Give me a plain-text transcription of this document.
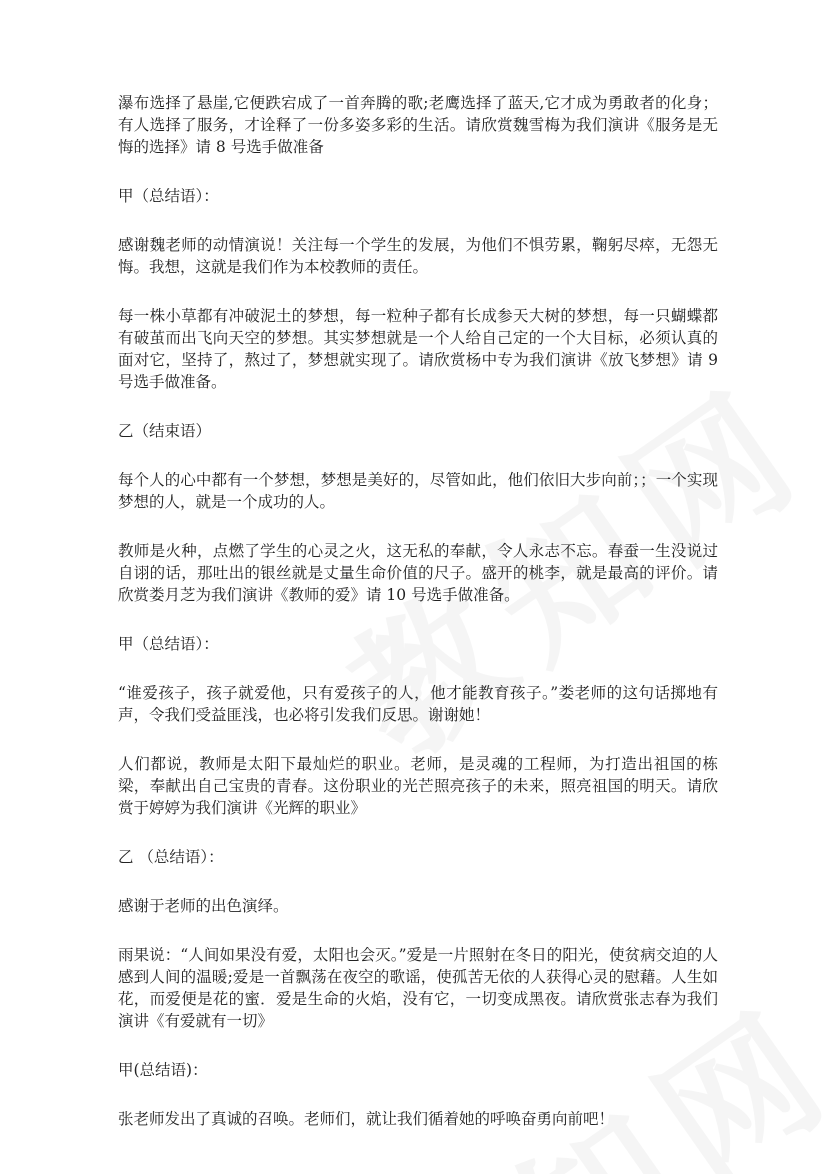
瀑布选择了悬崖,它便跌宕成了一首奔腾的歌;老鹰选择了蓝天,它才成为勇敢者的化身；有人选择了服务，才诠释了一份多姿多彩的生活。请欣赏魏雪梅为我们演讲《服务是无悔的选择》请 8 号选手做准备

甲（总结语）：

感谢魏老师的动情演说！关注每一个学生的发展，为他们不惧劳累，鞠躬尽瘁，无怨无悔。我想，这就是我们作为本校教师的责任。

每一株小草都有冲破泥土的梦想，每一粒种子都有长成参天大树的梦想，每一只蝴蝶都有破茧而出飞向天空的梦想。其实梦想就是一个人给自己定的一个大目标，必须认真的面对它，坚持了，熬过了，梦想就实现了。请欣赏杨中专为我们演讲《放飞梦想》请 9 号选手做准备。

乙（结束语）

每个人的心中都有一个梦想，梦想是美好的，尽管如此，他们依旧大步向前；；一个实现梦想的人，就是一个成功的人。

教师是火种，点燃了学生的心灵之火，这无私的奉献，令人永志不忘。春蚕一生没说过自诩的话，那吐出的银丝就是丈量生命价值的尺子。盛开的桃李，就是最高的评价。请欣赏娄月芝为我们演讲《教师的爱》请 10 号选手做准备。

甲（总结语）：

“谁爱孩子，孩子就爱他，只有爱孩子的人，他才能教育孩子。”娄老师的这句话掷地有声，令我们受益匪浅，也必将引发我们反思。谢谢她！

人们都说，教师是太阳下最灿烂的职业。老师，是灵魂的工程师，为打造出祖国的栋梁，奉献出自己宝贵的青春。这份职业的光芒照亮孩子的未来，照亮祖国的明天。请欣赏于婷婷为我们演讲《光辉的职业》

乙 （总结语）：

感谢于老师的出色演绎。

雨果说：“人间如果没有爱，太阳也会灭。”爱是一片照射在冬日的阳光，使贫病交迫的人感到人间的温暖;爱是一首飘荡在夜空的歌谣，使孤苦无依的人获得心灵的慰藉。人生如花，而爱便是花的蜜．爱是生命的火焰，没有它，一切变成黑夜。请欣赏张志春为我们演讲《有爱就有一切》

甲(总结语)：

张老师发出了真诚的召唤。老师们，就让我们循着她的呼唤奋勇向前吧！
